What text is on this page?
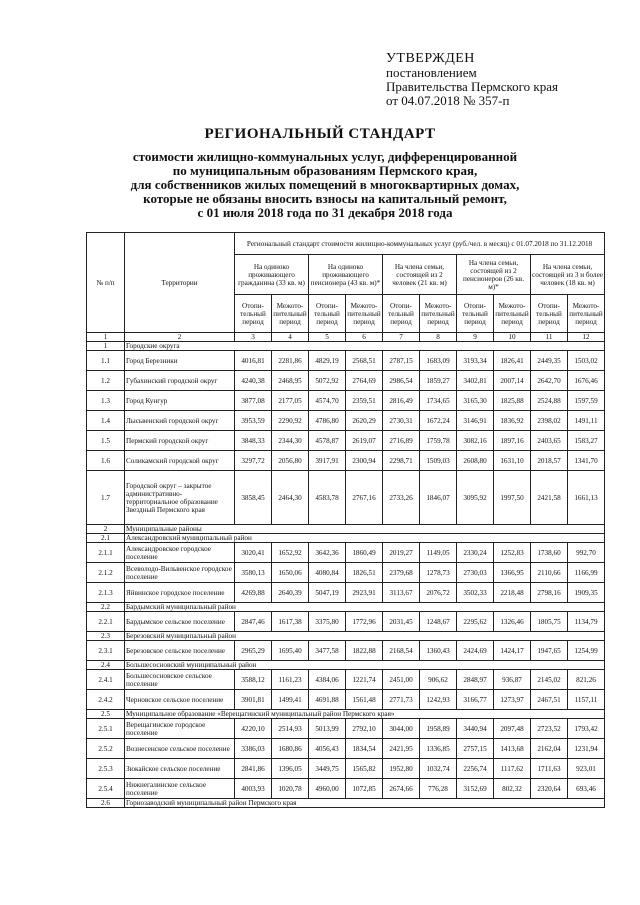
УТВЕРЖДЕН
постановлением
Правительства Пермского края
от 04.07.2018 № 357-п
РЕГИОНАЛЬНЫЙ СТАНДАРТ
стоимости жилищно-коммунальных услуг, дифференцированной
по муниципальным образованиям Пермского края,
для собственников жилых помещений в многоквартирных домах,
которые не обязаны вносить взносы на капитальный ремонт,
с 01 июля 2018 года по 31 декабря 2018 года
№ п/п	Территории	Региональный стандарт стоимости жилищно-коммунальных услуг (руб./чел. в месяц) с 01.07.2018 по 31.12.2018									
		На одиноко проживающего гражданина (33 кв. м)		На одиноко проживающего пенсионера (43 кв. м)*		На члена семьи, состоящей из 2 человек (21 кв. м)		На члена семьи, состоящей из 2 пенсионеров (26 кв. м)*		На члена семьи, состоящей из 3 и более человек (18 кв. м)	
		Отопи-тельный период	Межото-пительный период	Отопи-тельный период	Межото-пительный период	Отопи-тельный период	Межото-пительный период	Отопи-тельный период	Межото-пительный период	Отопи-тельный период	Межото-пительный период
1	2	3	4	5	6	7	8	9	10	11	12
1	Городские округа										
1.1	Город Березники	4016,81	2281,86	4829,19	2568,51	2787,15	1683,09	3193,34	1826,41	2449,35	1503,02
1.2	Губахинский городской округ	4240,38	2468,95	5072,92	2764,69	2986,54	1859,27	3402,81	2007,14	2642,70	1676,46
1.3	Город Кунгур	3877,08	2177,05	4574,70	2359,51	2816,49	1734,65	3165,30	1825,88	2524,88	1597,59
1.4	Лысьвенский городской округ	3953,59	2290,92	4786,80	2620,29	2730,31	1672,24	3146,91	1836,92	2398,02	1491,11
1.5	Пермский городской округ	3848,33	2344,30	4578,87	2619,07	2716,89	1759,78	3082,16	1897,16	2403,65	1583,27
1.6	Соликамский городской округ	3297,72	2056,80	3917,91	2300,94	2298,71	1509,03	2608,80	1631,10	2018,57	1341,70
1.7	Городской округ – закрытое административно-территориальное образование Звездный Пермского края	3858,45	2464,30	4583,78	2767,16	2733,26	1846,07	3095,92	1997,50	2421,58	1661,13
2	Муниципальные районы										
2.1	Александровский муниципальный район										
2.1.1	Александровское городское поселение	3020,41	1652,92	3642,36	1860,49	2019,27	1149,05	2330,24	1252,83	1738,60	992,70
2.1.2	Всеволодо-Вильвенское городское поселение	3580,13	1650,06	4080,84	1826,51	2379,68	1278,73	2730,03	1366,95	2110,66	1166,99
2.1.3	Яйвинское городское поселение	4269,88	2640,39	5047,19	2923,91	3113,67	2076,72	3502,33	2218,48	2798,16	1909,35
2.2	Бардымский муниципальный район										
2.2.1	Бардымское сельское поселение	2847,46	1617,38	3375,80	1772,96	2031,45	1248,67	2295,62	1326,46	1805,75	1134,79
2.3	Березовский муниципальный район										
2.3.1	Березовское сельское поселение	2965,29	1695,40	3477,58	1822,88	2168,54	1360,43	2424,69	1424,17	1947,65	1254,99
2.4	Большесосновский муниципальный район										
2.4.1	Большесосновское сельское поселение	3588,12	1161,23	4384,06	1221,74	2451,00	906,62	2848,97	936,87	2145,02	821,26
2.4.2	Черновское сельское поселение	3901,81	1499,41	4691,88	1561,48	2771,73	1242,93	3166,77	1273,97	2467,51	1157,11
2.5	Муниципальное образование «Верещагинский муниципальный район Пермского края»										
2.5.1	Верещагинское городское поселение	4220,10	2514,93	5013,99	2792,10	3044,00	1958,89	3440,94	2097,48	2723,52	1793,42
2.5.2	Вознесенское сельское поселение	3386,03	1680,86	4056,43	1834,54	2421,95	1336,85	2757,15	1413,68	2162,04	1231,94
2.5.3	Зюкайское сельское поселение	2841,86	1396,05	3449,75	1565,82	1952,80	1032,74	2256,74	1117,62	1711,63	923,01
2.5.4	Нижнегалинское сельское поселение	4003,93	1020,78	4960,00	1072,85	2674,66	776,28	3152,69	802,32	2320,64	693,46
2.6	Горнозаводский муниципальный район Пермского края										
